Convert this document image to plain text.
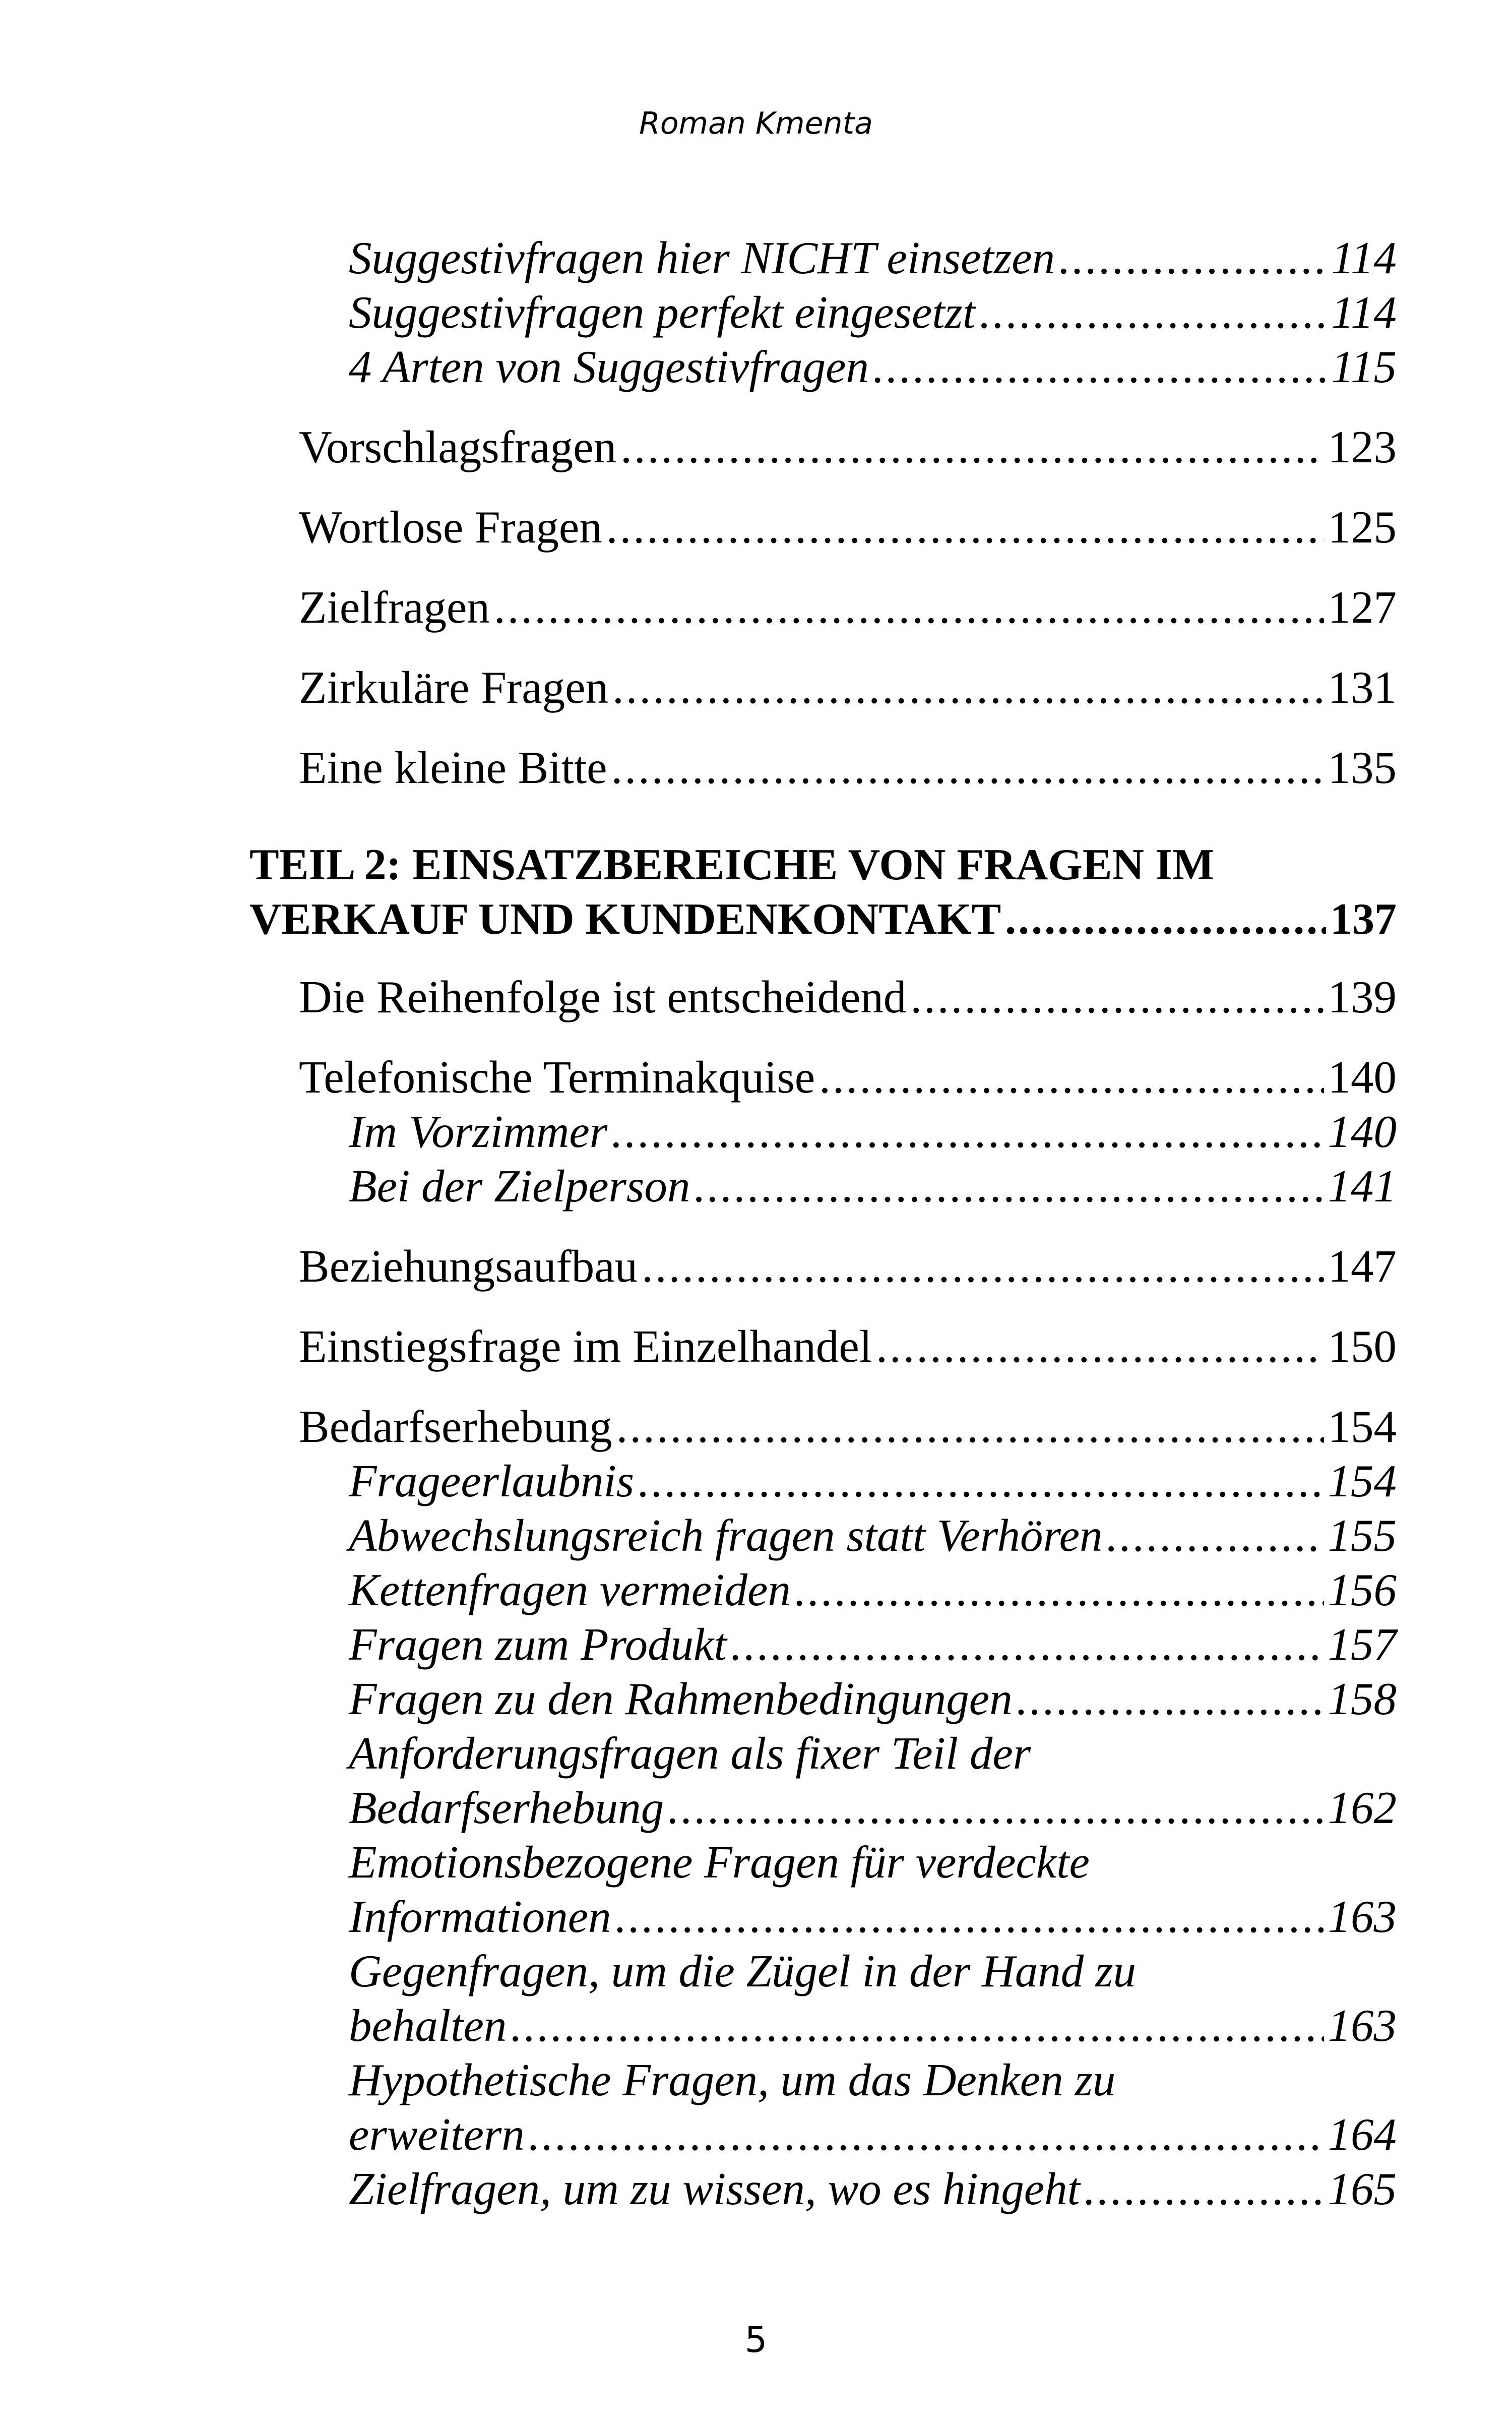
Roman Kmenta
Suggestivfragen hier NICHT einsetzen .....	114
Suggestivfragen perfekt eingesetzt .....	114
4 Arten von Suggestivfragen .....	115
Vorschlagsfragen .....	123
Wortlose Fragen .....	125
Zielfragen .....	127
Zirkuläre Fragen .....	131
Eine kleine Bitte .....	135
TEIL 2: EINSATZBEREICHE VON FRAGEN IM
VERKAUF UND KUNDENKONTAKT .....	137
Die Reihenfolge ist entscheidend .....	139
Telefonische Terminakquise .....	140
Im Vorzimmer .....	140
Bei der Zielperson .....	141
Beziehungsaufbau .....	147
Einstiegsfrage im Einzelhandel .....	150
Bedarfserhebung .....	154
Frageerlaubnis .....	154
Abwechslungsreich fragen statt Verhören .....	155
Kettenfragen vermeiden .....	156
Fragen zum Produkt .....	157
Fragen zu den Rahmenbedingungen .....	158
Anforderungsfragen als fixer Teil der
Bedarfserhebung .....	162
Emotionsbezogene Fragen für verdeckte
Informationen .....	163
Gegenfragen, um die Zügel in der Hand zu
behalten .....	163
Hypothetische Fragen, um das Denken zu
erweitern .....	164
Zielfragen, um zu wissen, wo es hingeht .....	165
5
